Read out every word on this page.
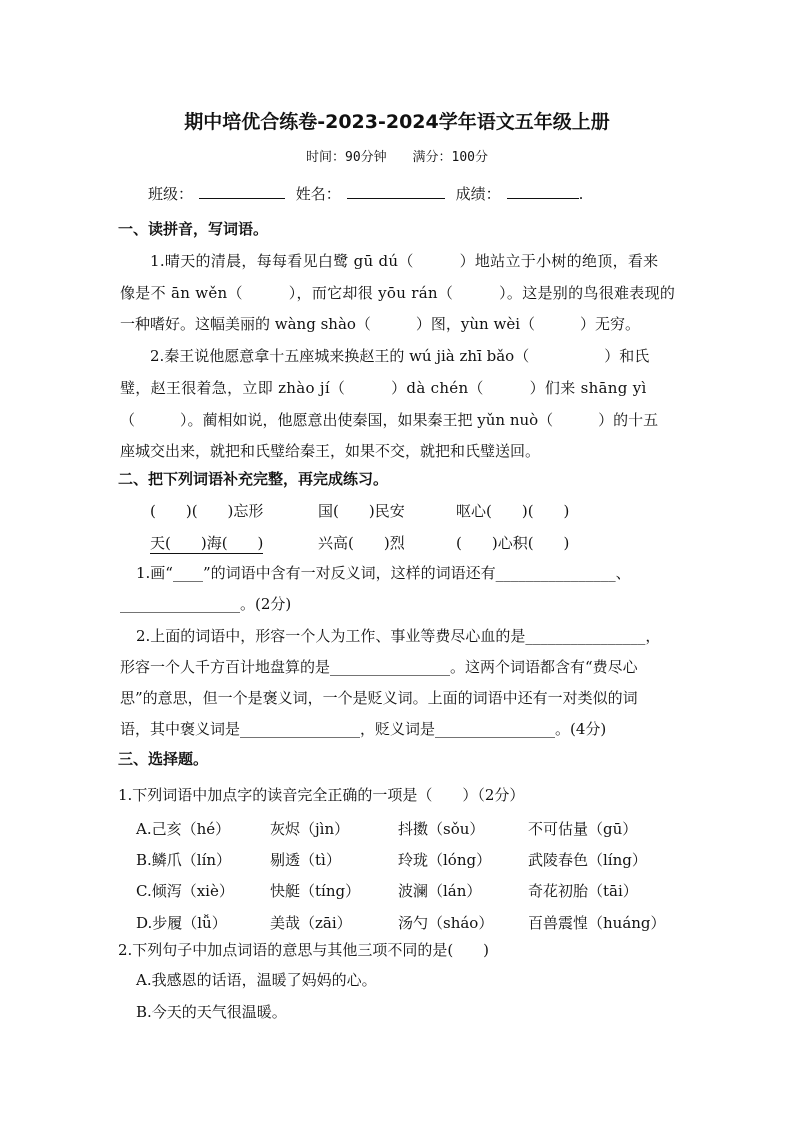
期中培优合练卷-2023-2024学年语文五年级上册
时间：90分钟 满分：100分
班级：	姓名：	成绩：	.
一、读拼音，写词语。
1.晴天的清晨，每每看见白鹭 gū dú（　　　）地站立于小树的绝顶，看来
像是不 ān wěn（　　　），而它却很 yōu rán（　　　）。这是别的鸟很难表现的
一种嗜好。这幅美丽的 wàng shào（　　　）图，yùn wèi（　　　）无穷。
2.秦王说他愿意拿十五座城来换赵王的 wú jià zhī bǎo（　　　　　）和氏
璧，赵王很着急，立即 zhào jí（　　　）dà chén（　　　）们来 shāng yì
（　　　）。蔺相如说，他愿意出使秦国，如果秦王把 yǔn nuò（　　　）的十五
座城交出来，就把和氏璧给秦王，如果不交，就把和氏璧送回。
二、把下列词语补充完整，再完成练习。
(　　)(　　)忘形	国(　　)民安	呕心(　　)(　　)
天(　　)海(　　)	兴高(　　)烈	(　　)心积(　　)
1.画“____”的词语中含有一对反义词，这样的词语还有________________、
________________。(2分)
2.上面的词语中，形容一个人为工作、事业等费尽心血的是________________，
形容一个人千方百计地盘算的是________________。这两个词语都含有“费尽心
思”的意思，但一个是褒义词，一个是贬义词。上面的词语中还有一对类似的词
语，其中褒义词是________________，贬义词是________________。(4分)
三、选择题。
1.下列词语中加点字的读音完全正确的一项是（　　）（2分）
A.己亥（hé）	灰烬（jìn）	抖擞（sǒu）	不可估量（gū）
B.鳞爪（lín）	剔透（tì）	玲珑（lóng） 武陵春色（líng）
C.倾泻（xiè） 快艇（tíng）	波澜（lán）	奇花初胎（tāi）
D.步履（lǚ）	美哉（zāi）	汤勺（sháo） 百兽震惶（huáng）
2.下列句子中加点词语的意思与其他三项不同的是(　　)
A.我感恩的话语，温暖了妈妈的心。
B.今天的天气很温暖。
